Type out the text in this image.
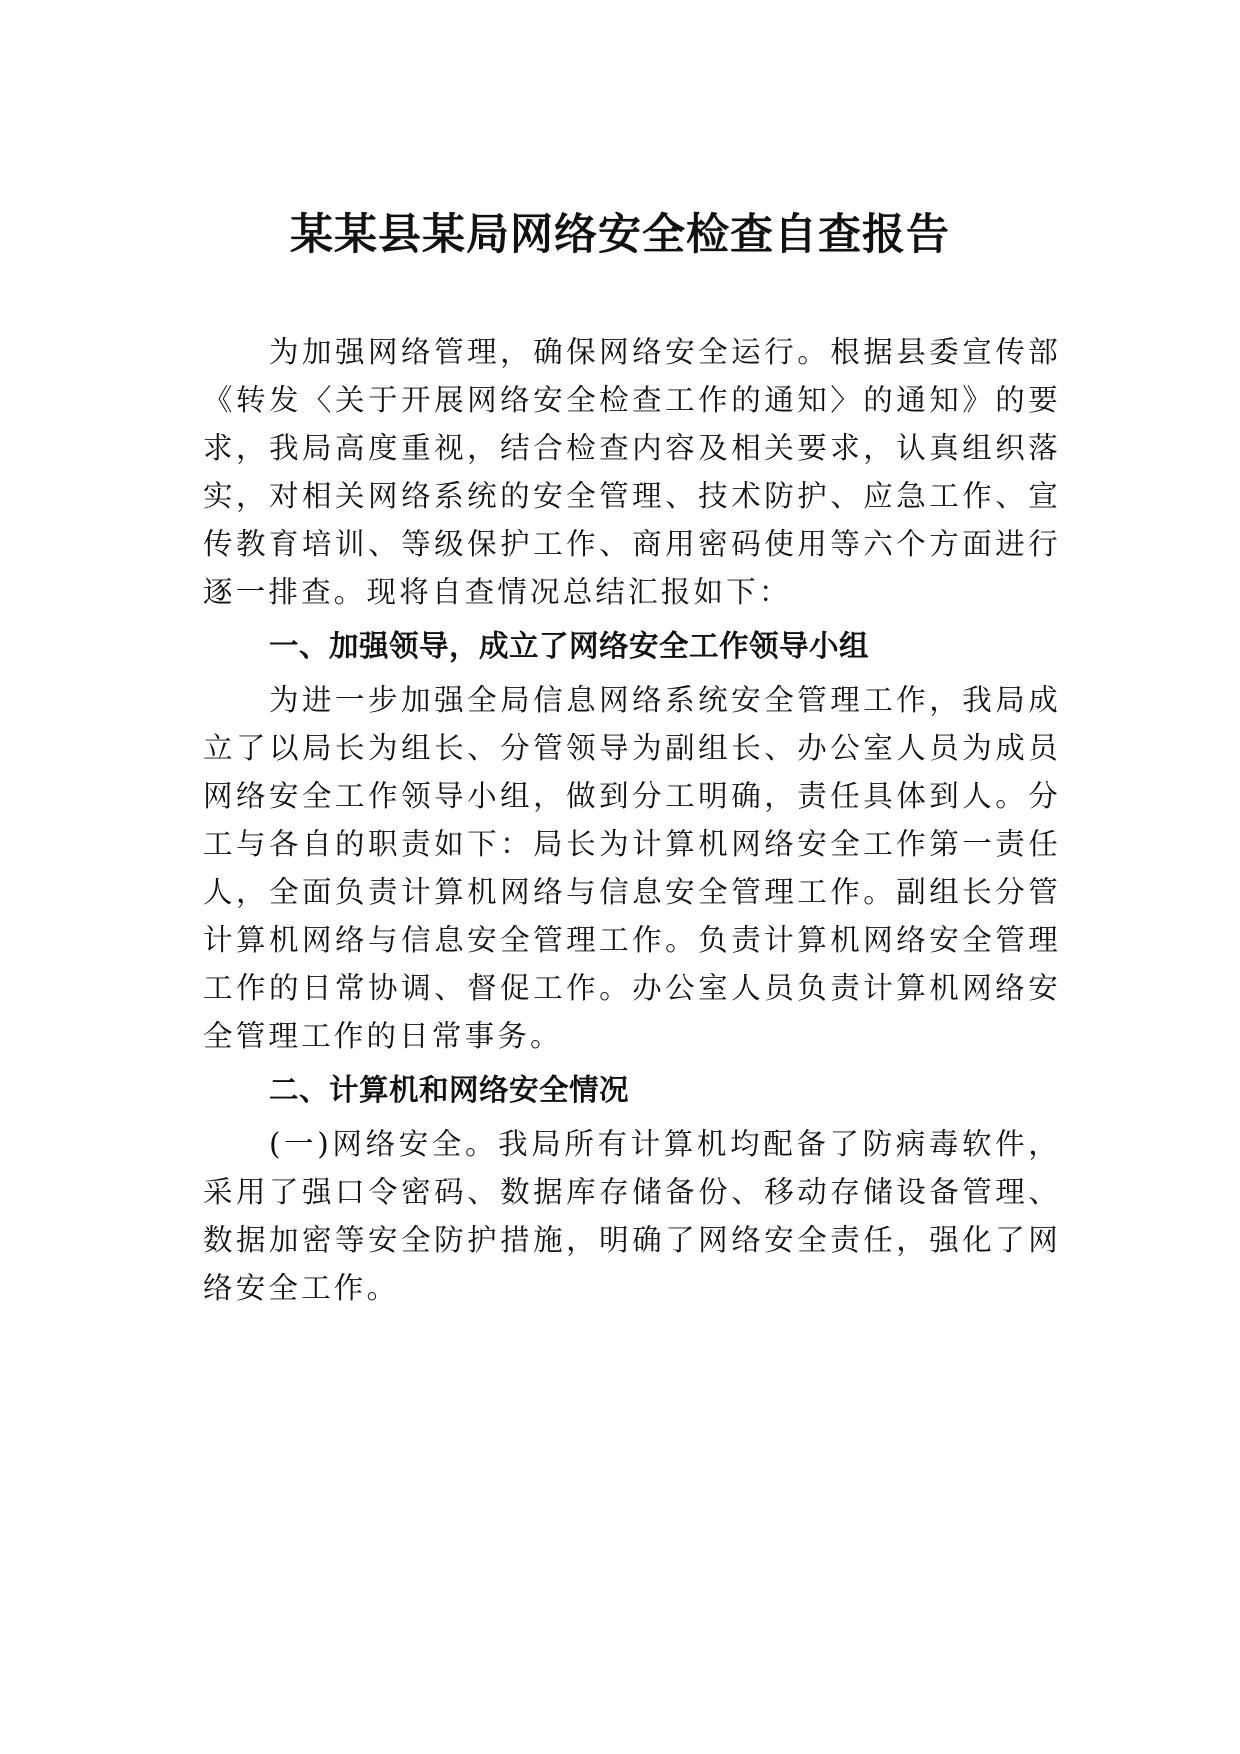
某某县某局网络安全检查自查报告

为加强网络管理，确保网络安全运行。根据县委宣传部《转发〈关于开展网络安全检查工作的通知〉的通知》的要求，我局高度重视，结合检查内容及相关要求，认真组织落实，对相关网络系统的安全管理、技术防护、应急工作、宣传教育培训、等级保护工作、商用密码使用等六个方面进行逐一排查。现将自查情况总结汇报如下：

一、加强领导，成立了网络安全工作领导小组

为进一步加强全局信息网络系统安全管理工作，我局成立了以局长为组长、分管领导为副组长、办公室人员为成员网络安全工作领导小组，做到分工明确，责任具体到人。分工与各自的职责如下：局长为计算机网络安全工作第一责任人，全面负责计算机网络与信息安全管理工作。副组长分管计算机网络与信息安全管理工作。负责计算机网络安全管理工作的日常协调、督促工作。办公室人员负责计算机网络安全管理工作的日常事务。

二、计算机和网络安全情况

(一)网络安全。我局所有计算机均配备了防病毒软件，采用了强口令密码、数据库存储备份、移动存储设备管理、数据加密等安全防护措施，明确了网络安全责任，强化了网络安全工作。
